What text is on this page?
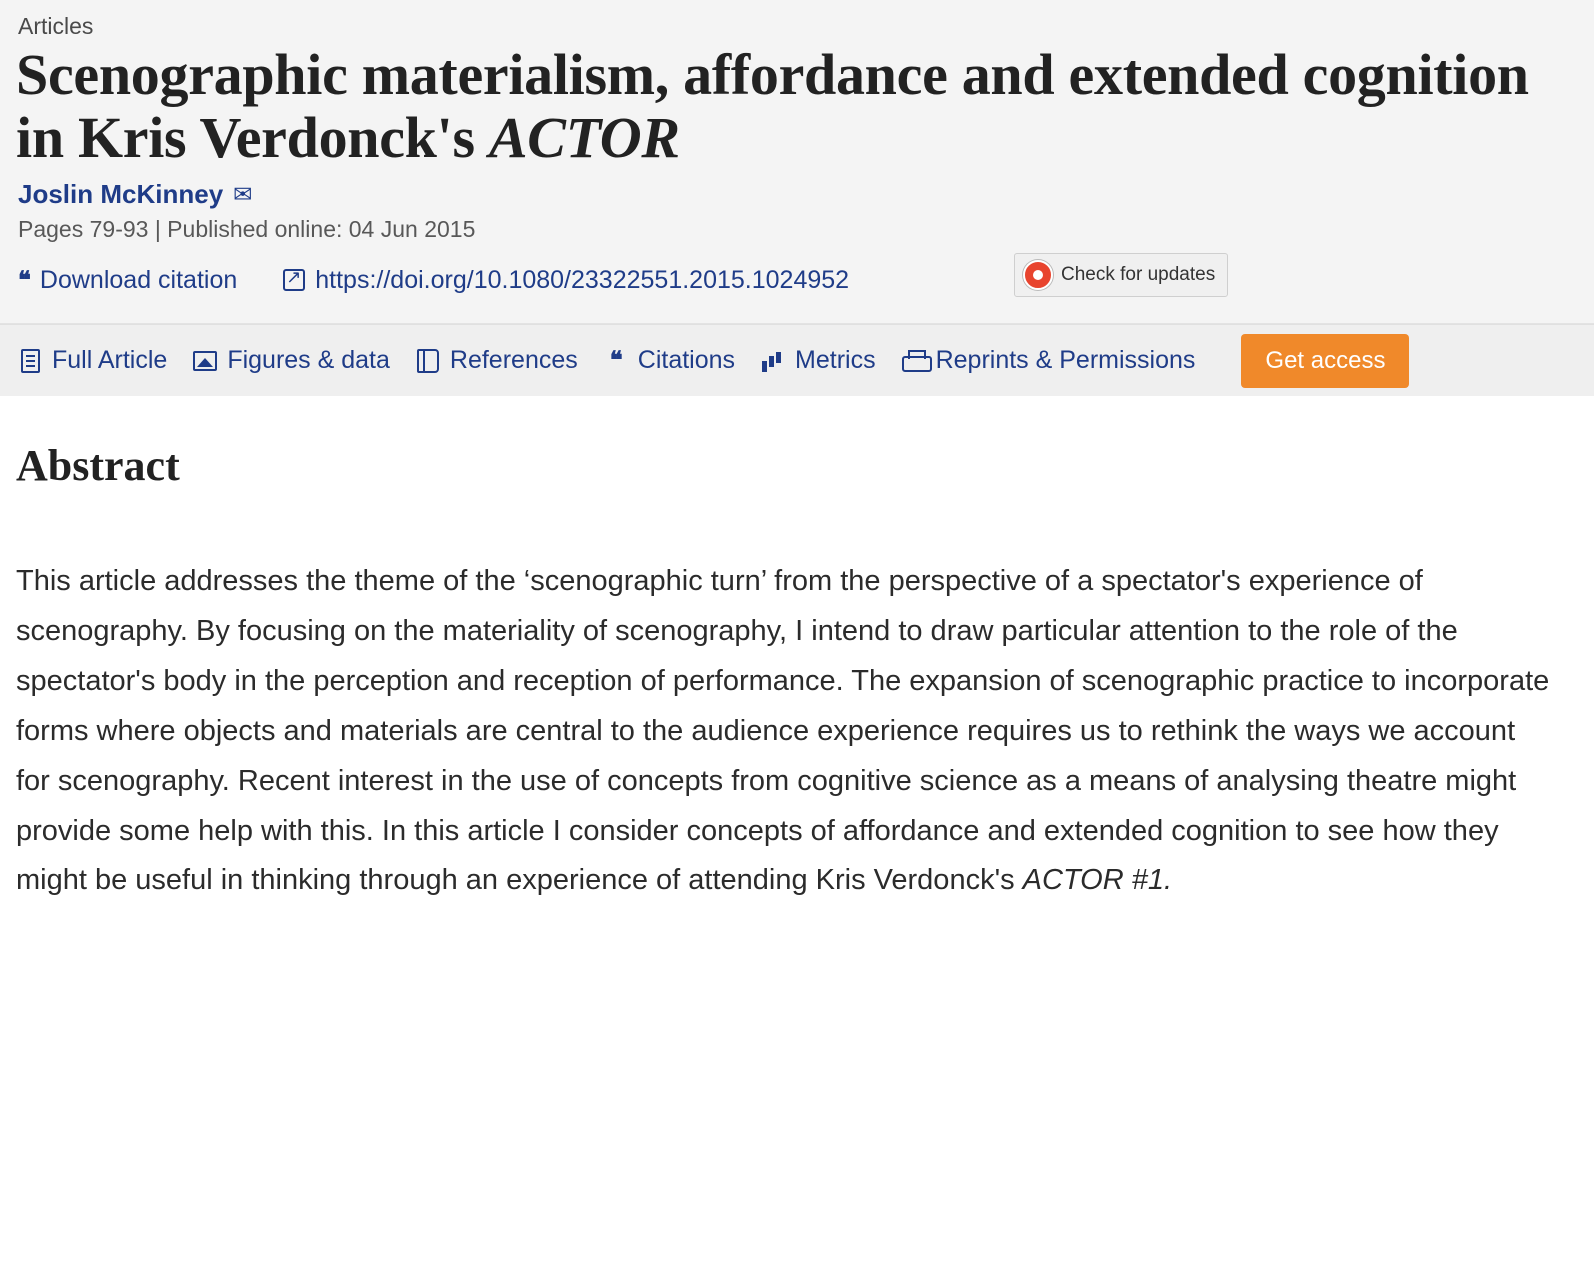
Articles
Scenographic materialism, affordance and extended cognition in Kris Verdonck's ACTOR
Joslin McKinney ✉
Pages 79-93 | Published online: 04 Jun 2015
❝ Download citation ↗	https://doi.org/10.1080/23322551.2015.1024952	Check for updates
Full Article Figures & data References ❝ Citations Metrics Reprints & Permissions	Get access
Abstract

This article addresses the theme of the ‘scenographic turn’ from the perspective of a spectator's experience of scenography. By focusing on the materiality of scenography, I intend to draw particular attention to the role of the spectator's body in the perception and reception of performance. The expansion of scenographic practice to incorporate forms where objects and materials are central to the audience experience requires us to rethink the ways we account for scenography. Recent interest in the use of concepts from cognitive science as a means of analysing theatre might provide some help with this. In this article I consider concepts of affordance and extended cognition to see how they might be useful in thinking through an experience of attending Kris Verdonck's ACTOR #1.
